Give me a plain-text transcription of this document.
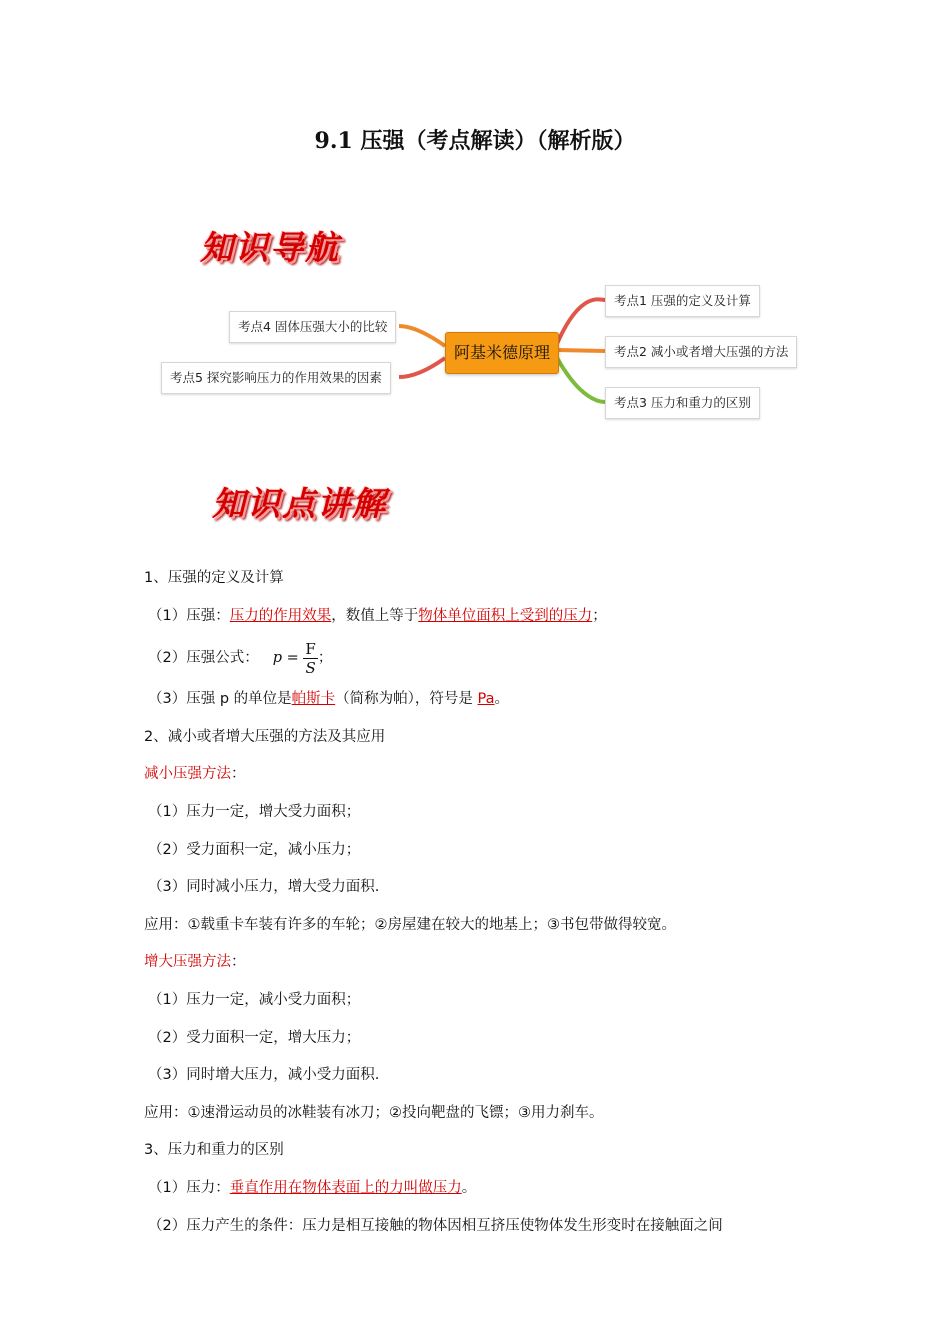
9.1 压强（考点解读）（解析版）
知识导航
阿基米德原理
考点1 压强的定义及计算
考点2 减小或者增大压强的方法
考点3 压力和重力的区别
考点4 固体压强大小的比较
考点5 探究影响压力的作用效果的因素
知识点讲解
1、压强的定义及计算
（1）压强：压力的作用效果，数值上等于物体单位面积上受到的压力；
（2）压强公式： $p = \frac{F}{S}$ ；
（3）压强 p 的单位是帕斯卡（简称为帕），符号是 Pa。
2、减小或者增大压强的方法及其应用
减小压强方法：
（1）压力一定，增大受力面积；
（2）受力面积一定，减小压力；
（3）同时减小压力，增大受力面积.
应用：①载重卡车装有许多的车轮；②房屋建在较大的地基上；③书包带做得较宽。
增大压强方法：
（1）压力一定，减小受力面积；
（2）受力面积一定，增大压力；
（3）同时增大压力，减小受力面积.
应用：①速滑运动员的冰鞋装有冰刀；②投向靶盘的飞镖；③用力刹车。
3、压力和重力的区别
（1）压力：垂直作用在物体表面上的力叫做压力。
（2）压力产生的条件：压力是相互接触的物体因相互挤压使物体发生形变时在接触面之间
